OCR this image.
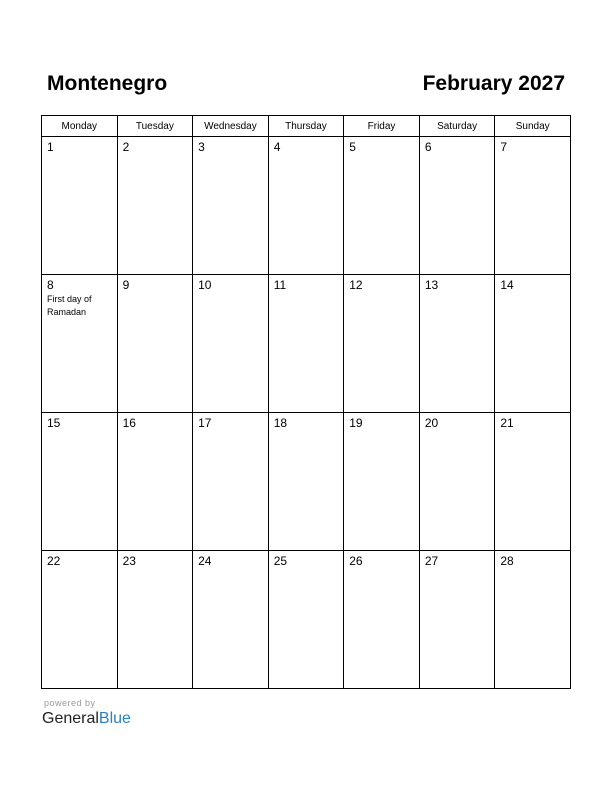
Montenegro	February 2027
Monday	Tuesday	Wednesday	Thursday	Friday	Saturday	Sunday

1	2	3	4	5	6	7

8
First day of Ramadan	9	10	11	12	13	14

15	16	17	18	19	20	21

22	23	24	25	26	27	28
powered by
GeneralBlue
